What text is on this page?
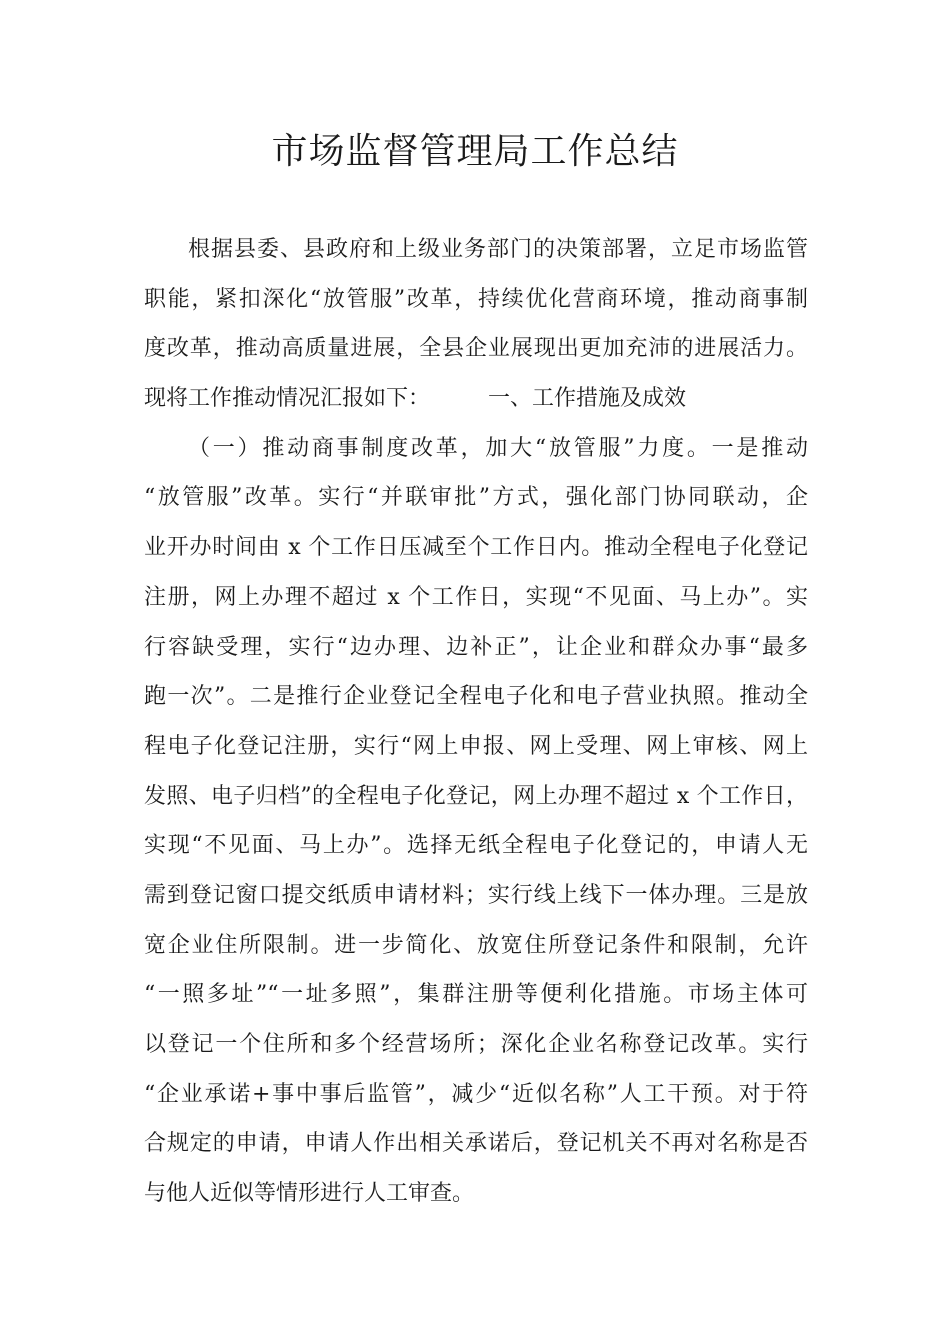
市场监督管理局工作总结
根据县委、县政府和上级业务部门的决策部署，立足市场监管
职能，紧扣深化“放管服”改革，持续优化营商环境，推动商事制
度改革，推动高质量进展，全县企业展现出更加充沛的进展活力。
现将工作推动情况汇报如下：	一、工作措施及成效
（一）推动商事制度改革，加大“放管服”力度。一是推动
“放管服”改革。实行“并联审批”方式，强化部门协同联动，企
业开办时间由 x 个工作日压减至个工作日内。推动全程电子化登记
注册，网上办理不超过 x 个工作日，实现“不见面、马上办”。实
行容缺受理，实行“边办理、边补正”，让企业和群众办事“最多
跑一次”。二是推行企业登记全程电子化和电子营业执照。推动全
程电子化登记注册，实行“网上申报、网上受理、网上审核、网上
发照、电子归档”的全程电子化登记，网上办理不超过 x 个工作日，
实现“不见面、马上办”。选择无纸全程电子化登记的，申请人无
需到登记窗口提交纸质申请材料；实行线上线下一体办理。三是放
宽企业住所限制。进一步简化、放宽住所登记条件和限制，允许
“一照多址”“一址多照”，集群注册等便利化措施。市场主体可
以登记一个住所和多个经营场所；深化企业名称登记改革。实行
“企业承诺+事中事后监管”，减少“近似名称”人工干预。对于符
合规定的申请，申请人作出相关承诺后，登记机关不再对名称是否
与他人近似等情形进行人工审查。
